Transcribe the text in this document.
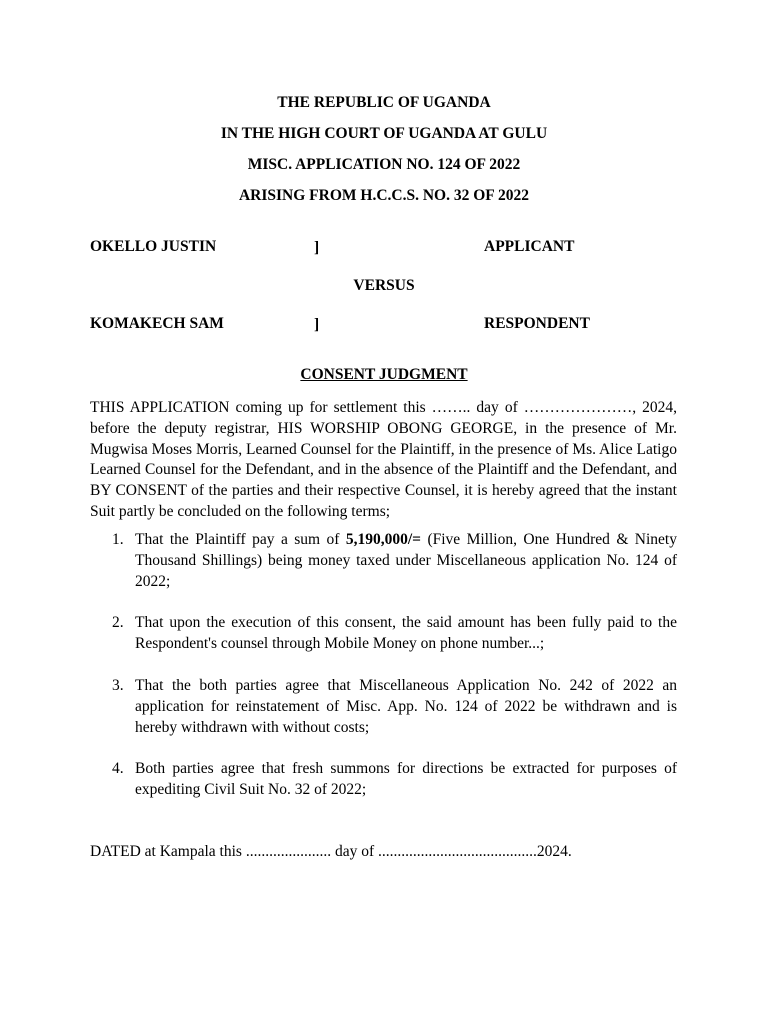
THE REPUBLIC OF UGANDA
IN THE HIGH COURT OF UGANDA AT GULU
MISC. APPLICATION NO. 124 OF 2022
ARISING FROM H.C.C.S. NO. 32 OF 2022
OKELLO JUSTIN	]	APPLICANT
VERSUS
KOMAKECH SAM	]	RESPONDENT
CONSENT JUDGMENT
THIS APPLICATION coming up for settlement this …….. day of …………………, 2024, before the deputy registrar, HIS WORSHIP OBONG GEORGE, in the presence of Mr. Mugwisa Moses Morris, Learned Counsel for the Plaintiff, in the presence of Ms. Alice Latigo Learned Counsel for the Defendant, and in the absence of the Plaintiff and the Defendant, and BY CONSENT of the parties and their respective Counsel, it is hereby agreed that the instant Suit partly be concluded on the following terms;
1. That the Plaintiff pay a sum of 5,190,000/= (Five Million, One Hundred & Ninety Thousand Shillings) being money taxed under Miscellaneous application No. 124 of 2022;
2. That upon the execution of this consent, the said amount has been fully paid to the Respondent's counsel through Mobile Money on phone number...;
3. That the both parties agree that Miscellaneous Application No. 242 of 2022 an application for reinstatement of Misc. App. No. 124 of 2022 be withdrawn and is hereby withdrawn with without costs;
4. Both parties agree that fresh summons for directions be extracted for purposes of expediting Civil Suit No. 32 of 2022;
DATED at Kampala this ...................... day of .........................................2024.
